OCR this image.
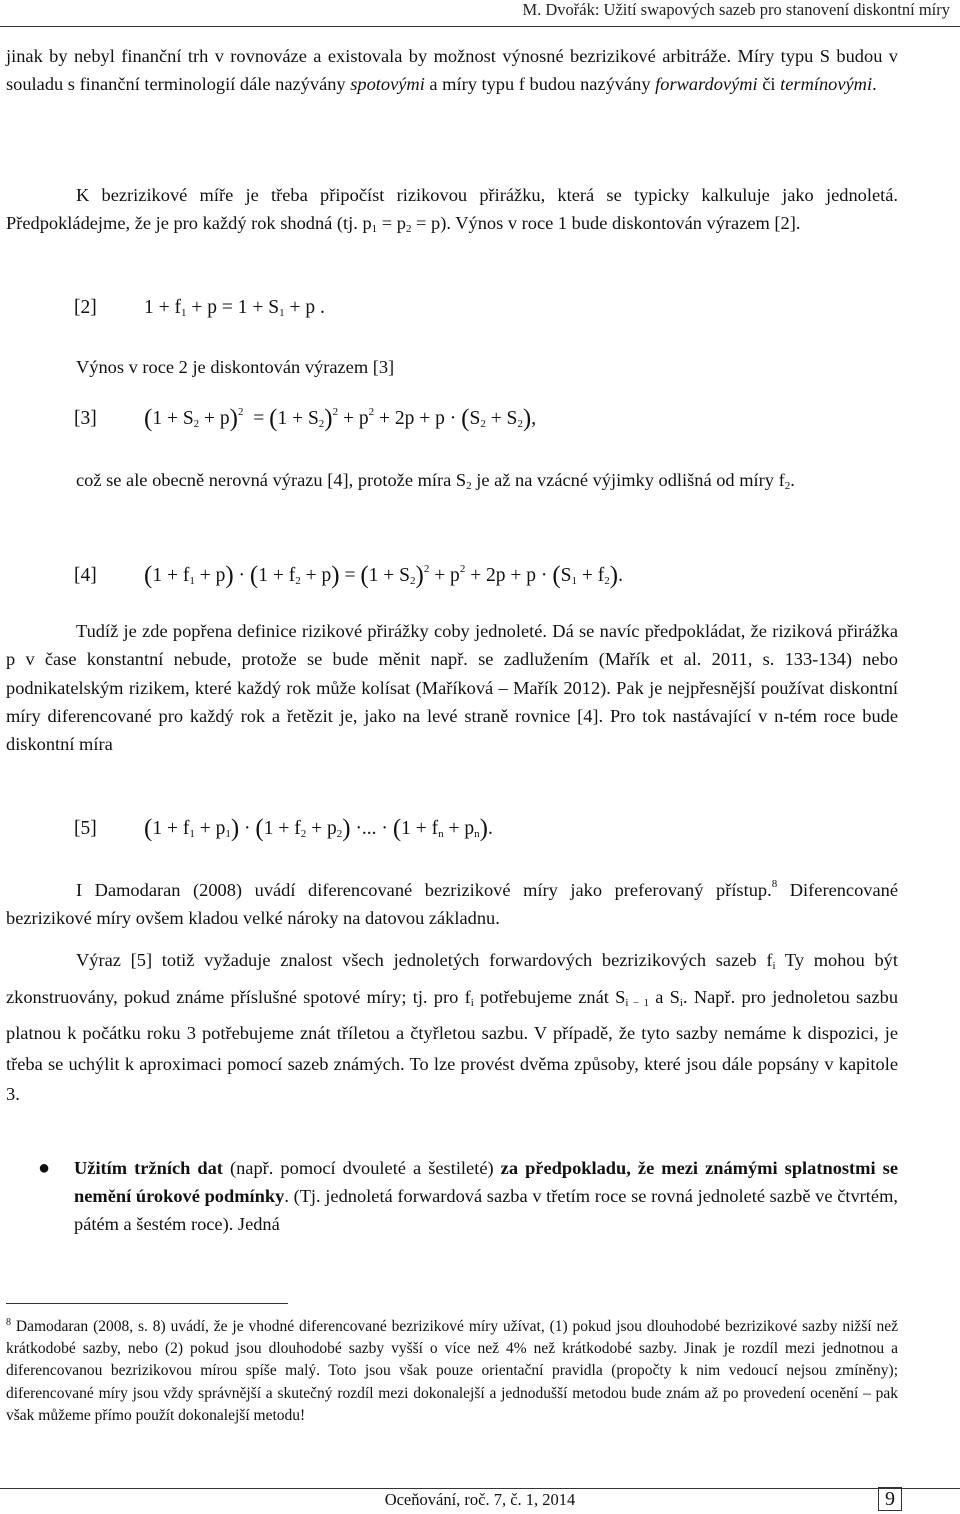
M. Dvořák: Užití swapových sazeb pro stanovení diskontní míry
jinak by nebyl finanční trh v rovnováze a existovala by možnost výnosné bezrizikové arbitráže. Míry typu S budou v souladu s finanční terminologií dále nazývány spotovými a míry typu f budou nazývány forwardovými či termínovými.
K bezrizikové míře je třeba připočíst rizikovou přirážku, která se typicky kalkuluje jako jednoletá. Předpokládejme, že je pro každý rok shodná (tj. $p_1 = p_2 = p$). Výnos v roce 1 bude diskontován výrazem [2].
[2] $1 + f_1 + p = 1 + S_1 + p$ .
Výnos v roce 2 je diskontován výrazem [3]
[3] $(1 + S_2 + p)^2 = (1 + S_2)^2 + p^2 + 2p + p \cdot (S_2 + S_2)$,
což se ale obecně nerovná výrazu [4], protože míra $S_2$ je až na vzácné výjimky odlišná od míry $f_2$.
[4] $(1 + f_1 + p) \cdot (1 + f_2 + p) = (1 + S_2)^2 + p^2 + 2p + p \cdot (S_1 + f_2)$.
Tudíž je zde popřena definice rizikové přirážky coby jednoleté. Dá se navíc předpokládat, že riziková přirážka p v čase konstantní nebude, protože se bude měnit např. se zadlužením (Mařík et al. 2011, s. 133-134) nebo podnikatelským rizikem, které každý rok může kolísat (Maříková – Mařík 2012). Pak je nejpřesnější používat diskontní míry diferencované pro každý rok a řetězit je, jako na levé straně rovnice [4]. Pro tok nastávající v n-tém roce bude diskontní míra
[5] $(1 + f_1 + p_1) \cdot (1 + f_2 + p_2)$ ·... · $(1 + f_n + p_n)$.
I Damodaran (2008) uvádí diferencované bezrizikové míry jako preferovaný přístup.$^8$ Diferencované bezrizikové míry ovšem kladou velké nároky na datovou základnu.
Výraz [5] totiž vyžaduje znalost všech jednoletých forwardových bezrizikových sazeb $f_i$ Ty mohou být zkonstruovány, pokud známe příslušné spotové míry; tj. pro $f_i$ potřebujeme znát $S_{i - 1}$ a $S_i$. Např. pro jednoletou sazbu platnou k počátku roku 3 potřebujeme znát tříletou a čtyřletou sazbu. V případě, že tyto sazby nemáme k dispozici, je třeba se uchýlit k aproximaci pomocí sazeb známých. To lze provést dvěma způsoby, které jsou dále popsány v kapitole 3.
● Užitím tržních dat (např. pomocí dvouleté a šestileté) za předpokladu, že mezi známými splatnostmi se nemění úrokové podmínky. (Tj. jednoletá forwardová sazba v třetím roce se rovná jednoleté sazbě ve čtvrtém, pátém a šestém roce). Jedná
$^8$ Damodaran (2008, s. 8) uvádí, že je vhodné diferencované bezrizikové míry užívat, (1) pokud jsou dlouhodobé bezrizikové sazby nižší než krátkodobé sazby, nebo (2) pokud jsou dlouhodobé sazby vyšší o více než 4% než krátkodobé sazby. Jinak je rozdíl mezi jednotnou a diferencovanou bezrizikovou mírou spíše malý. Toto jsou však pouze orientační pravidla (propočty k nim vedoucí nejsou zmíněny); diferencované míry jsou vždy správnější a skutečný rozdíl mezi dokonalejší a jednodušší metodou bude znám až po provedení ocenění – pak však můžeme přímo použít dokonalejší metodu!
Oceňování, roč. 7, č. 1, 2014	9
